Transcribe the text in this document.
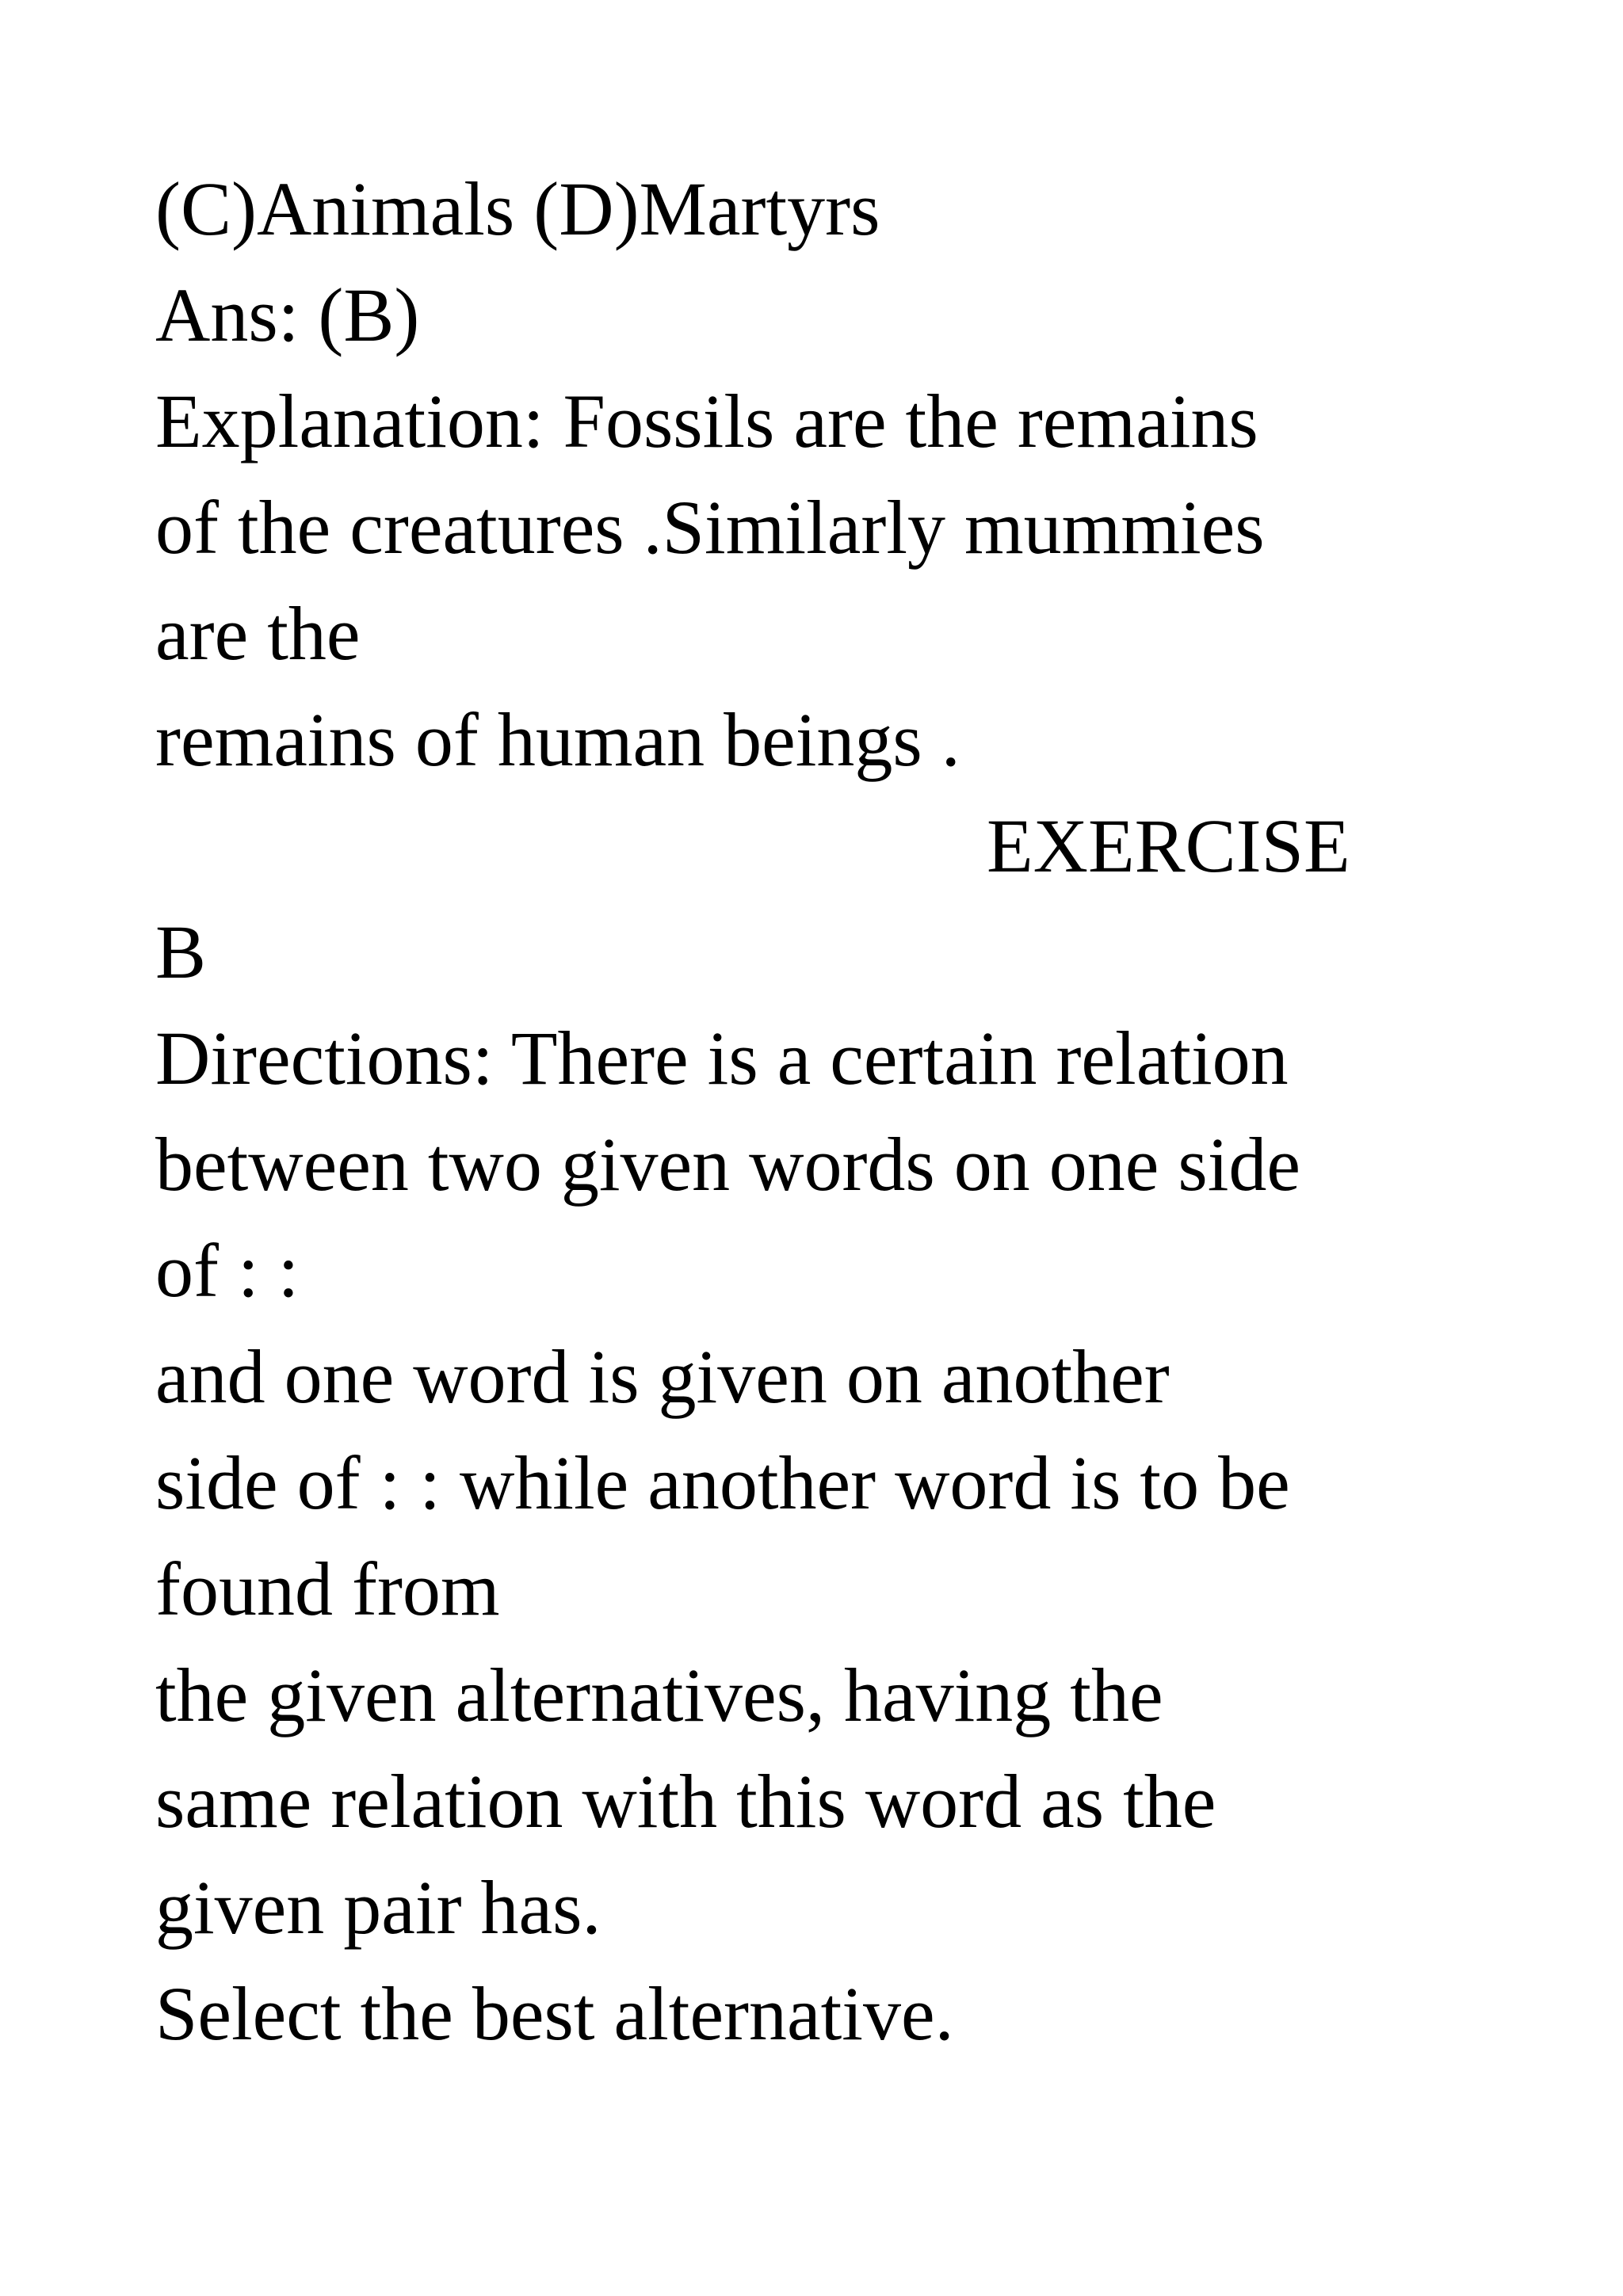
(C)Animals (D)Martyrs

Ans: (B)

Explanation: Fossils are the remains

of the creatures .Similarly mummies

are the

remains of human beings .

EXERCISE

B

Directions: There is a certain relation

between two given words on one side

of : :

and one word is given on another

side of : : while another word is to be

found from

the given alternatives, having the

same relation with this word as the

given pair has.

Select the best alternative.
